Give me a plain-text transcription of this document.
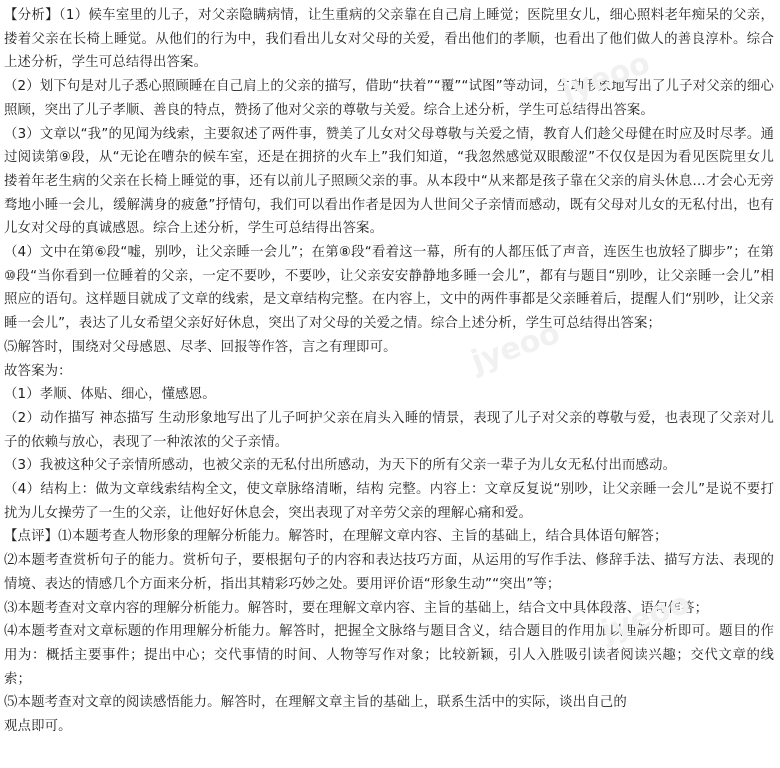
jyeoo
jyeoo
jyeoo

【分析】（1）候车室里的儿子，对父亲隐瞒病情，让生重病的父亲靠在自己肩上睡觉；医院里女儿，细心照料老年痴呆的父亲，搂着父亲在长椅上睡觉。从他们的行为中，我们看出儿女对父母的关爱，看出他们的孝顺，也看出了他们做人的善良淳朴。综合上述分析，学生可总结得出答案。

（2）划下句是对儿子悉心照顾睡在自己肩上的父亲的描写，借助“扶着”“覆”“试图”等动词，生动形象地写出了儿子对父亲的细心照顾，突出了儿子孝顺、善良的特点，赞扬了他对父亲的尊敬与关爱。综合上述分析，学生可总结得出答案。

（3）文章以“我”的见闻为线索，主要叙述了两件事，赞美了儿女对父母尊敬与关爱之情，教育人们趁父母健在时应及时尽孝。通过阅读第⑨段，从“无论在嘈杂的候车室，还是在拥挤的火车上”我们知道，“我忽然感觉双眼酸涩”不仅仅是因为看见医院里女儿搂着年老生病的父亲在长椅上睡觉的事，还有以前儿子照顾父亲的事。从本段中“从来都是孩子靠在父亲的肩头休息…才会心无旁骛地小睡一会儿，缓解满身的疲惫”抒情句，我们可以看出作者是因为人世间父子亲情而感动，既有父母对儿女的无私付出，也有儿女对父母的真诚感恩。综合上述分析，学生可总结得出答案。

（4）文中在第⑥段“嘘，别吵，让父亲睡一会儿”；在第⑧段“看着这一幕，所有的人都压低了声音，连医生也放轻了脚步”；在第⑩段“当你看到一位睡着的父亲，一定不要吵，不要吵，让父亲安安静静地多睡一会儿”，都有与题目“别吵，让父亲睡一会儿”相照应的语句。这样题目就成了文章的线索，是文章结构完整。在内容上，文中的两件事都是父亲睡着后，提醒人们“别吵，让父亲睡一会儿”，表达了儿女希望父亲好好休息，突出了对父母的关爱之情。综合上述分析，学生可总结得出答案；

⑸解答时，围绕对父母感恩、尽孝、回报等作答，言之有理即可。

故答案为：

（1）孝顺、体贴、细心，懂感恩。

（2）动作描写 神态描写 生动形象地写出了儿子呵护父亲在肩头入睡的情景，表现了儿子对父亲的尊敬与爱，也表现了父亲对儿子的依赖与放心，表现了一种浓浓的父子亲情。

（3）我被这种父子亲情所感动，也被父亲的无私付出所感动，为天下的所有父亲一辈子为儿女无私付出而感动。

（4）结构上：做为文章线索结构全文，使文章脉络清晰，结构 完整。内容上：文章反复说“别吵，让父亲睡一会儿”是说不要打扰为儿女操劳了一生的父亲，让他好好休息会，突出表现了对辛劳父亲的理解心痛和爱。

【点评】⑴本题考查人物形象的理解分析能力。解答时，在理解文章内容、主旨的基础上，结合具体语句解答；

⑵本题考查赏析句子的能力。赏析句子，要根据句子的内容和表达技巧方面，从运用的写作手法、修辞手法、描写方法、表现的情境、表达的情感几个方面来分析，指出其精彩巧妙之处。要用评价语“形象生动”“突出”等；

⑶本题考查对文章内容的理解分析能力。解答时，要在理解文章内容、主旨的基础上，结合文中具体段落、语句作答；

⑷本题考查对文章标题的作用理解分析能力。解答时，把握全文脉络与题目含义，结合题目的作用加以理解分析即可。题目的作用为：概括主要事件；提出中心；交代事情的时间、人物等写作对象；比较新颖，引人入胜吸引读者阅读兴趣；交代文章的线索；

⑸本题考查对文章的阅读感悟能力。解答时，在理解文章主旨的基础上，联系生活中的实际，谈出自己的

观点即可。
